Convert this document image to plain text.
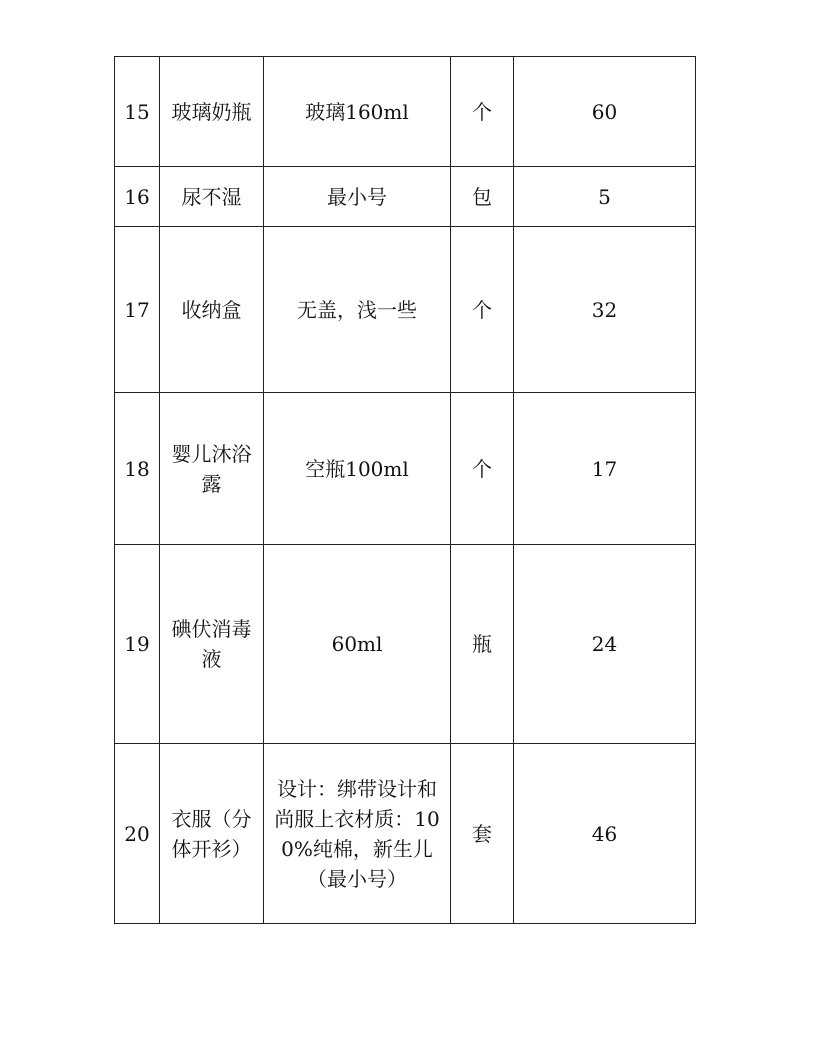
15	玻璃奶瓶	玻璃160ml	个	60
16	尿不湿	最小号	包	5
17	收纳盒	无盖，浅一些	个	32
18	婴儿沐浴露	空瓶100ml	个	17
19	碘伏消毒液	60ml	瓶	24
20	衣服（分体开衫）	设计：绑带设计和尚服上衣材质：100%纯棉，新生儿（最小号）	套	46
